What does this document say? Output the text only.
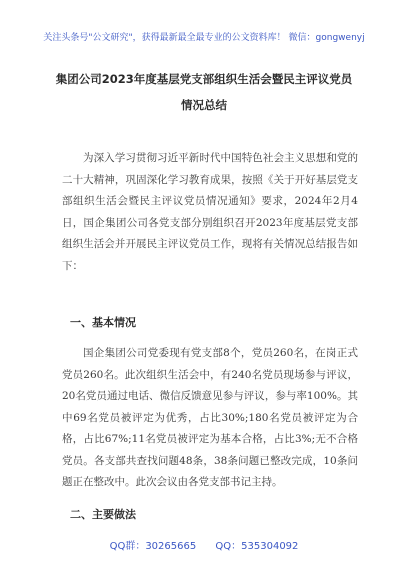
关注头条号"公文研究"，获得最新最全最专业的公文资料库！ 微信：gongwenyj
集团公司2023年度基层党支部组织生活会暨民主评议党员
情况总结

为深入学习贯彻习近平新时代中国特色社会主义思想和党的二十大精神，巩固深化学习教育成果，按照《关于开好基层党支部组织生活会暨民主评议党员情况通知》要求，2024年2月4日，国企集团公司各党支部分别组织召开2023年度基层党支部组织生活会并开展民主评议党员工作，现将有关情况总结报告如下：

一、基本情况

国企集团公司党委现有党支部8个，党员260名，在岗正式党员260名。此次组织生活会中，有240名党员现场参与评议，20名党员通过电话、微信反馈意见参与评议，参与率100%。其中69名党员被评定为优秀，占比30%;180名党员被评定为合格，占比67%;11名党员被评定为基本合格，占比3%;无不合格党员。各支部共查找问题48条，38条问题已整改完成，10条问题正在整改中。此次会议由各党支部书记主持。

二、主要做法
QQ群：30265665 QQ：535304092
